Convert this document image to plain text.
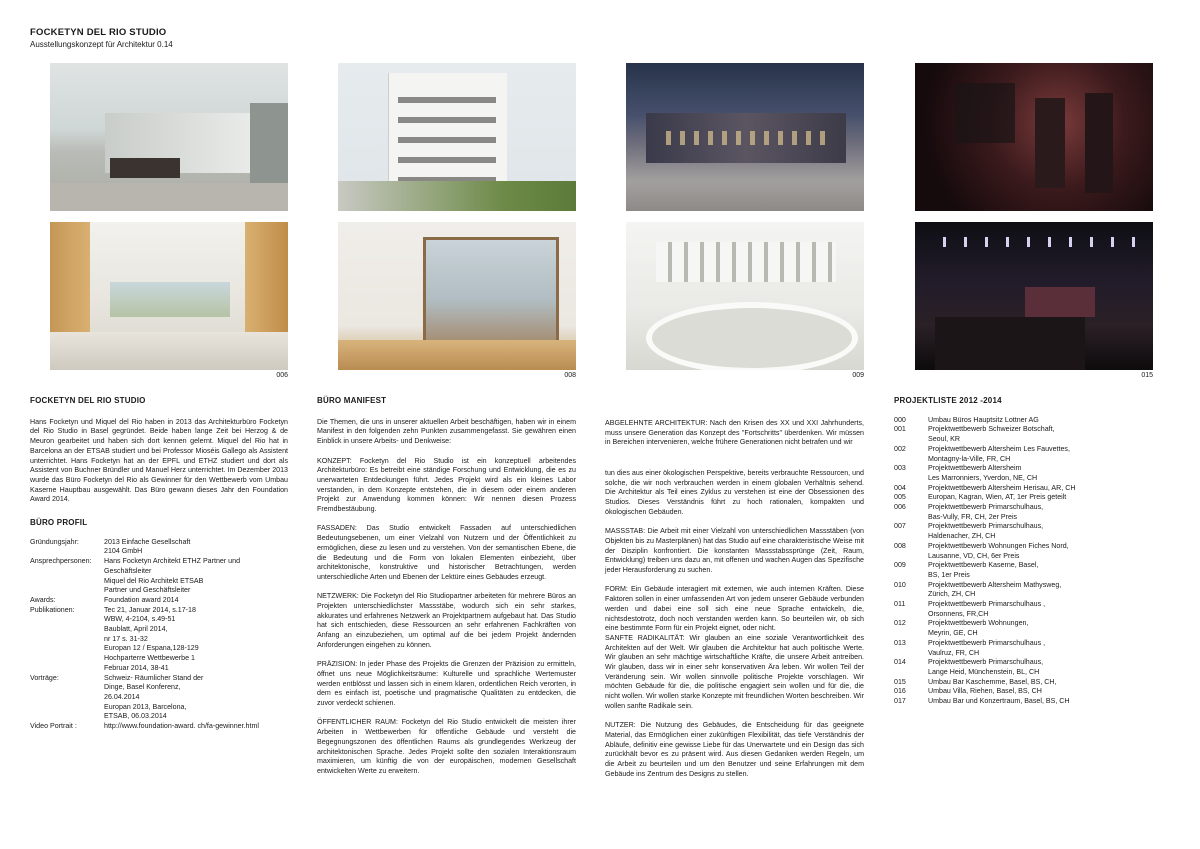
FOCKETYN DEL RIO STUDIO
Ausstellungskonzept für Architektur 0.14
006	008	009	015
FOCKETYN DEL RIO STUDIO
Hans Focketyn und Miquel del Rio haben in 2013 das Architekturbüro Focketyn del Rio Studio in Basel gegründet. Beide haben lange Zeit bei Herzog & de Meuron gearbeitet und haben sich dort kennen gelernt. Miquel del Rio hat in Barcelona an der ETSAB studiert und bei Professor Mioséis Gallego als Assistent unterrichtet. Hans Focketyn hat an der EPFL und ETHZ studiert und dort als Assistent von Buchner Bründler und Manuel Herz unterrichtet. Im Dezember 2013 wurde das Büro Focketyn del Rio als Gewinner für den Wettbewerb vom Umbau Kaserne Hauptbau ausgewählt. Das Büro gewann dieses Jahr den Foundation Award 2014.
BÜRO PROFIL
Gründungsjahr:	2013 Einfache Gesellschaft
2104 GmbH
Ansprechpersonen:	Hans Focketyn Architekt ETHZ Partner und
Geschäftsleiter
Miquel del Rio Architekt ETSAB
Partner und Geschäftsleiter
Awards:	Foundation award 2014
Publikationen:	Tec 21, Januar 2014, s.17-18
WBW, 4-2104, s.49-51
Baublatt, April 2014,
nr 17 s. 31-32
Europan 12 / Espana,128-129
Hochparterre Wettbewerbe 1
Februar 2014, 38-41
Vorträge:	Schweiz- Räumlicher Stand der
Dinge, Basel Konferenz,
26.04.2014
Europan 2013, Barcelona,
ETSAB, 06.03.2014
Video Portrait :	http://www.foundation-award. ch/fa-gewinner.html
BÜRO MANIFEST
Die Themen, die uns in unserer aktuellen Arbeit beschäftigen, haben wir in einem Manifest in den folgenden zehn Punkten zusammengefasst. Sie gewähren einen Einblick in unsere Arbeits- und Denkweise:
KONZEPT: Focketyn del Rio Studio ist ein konzeptuell arbeitendes Architekturbüro: Es betreibt eine ständige Forschung und Entwicklung, die es zu unerwarteten Entdeckungen führt. Jedes Projekt wird als ein kleines Labor verstanden, in dem Konzepte entstehen, die in diesem oder einem anderen Projekt zur Anwendung kommen können: Wir nennen diesen Prozess Fremdbestäubung.
FASSADEN: Das Studio entwickelt Fassaden auf unterschiedlichen Bedeutungsebenen, um einer Vielzahl von Nutzern und der Öffentlichkeit zu ermöglichen, diese zu lesen und zu verstehen. Von der semantischen Ebene, die die Bedeutung und die Form von lokalen Elementen einbezieht, über architektonische, konstruktive und historischer Betrachtungen, werden unterschiedliche Arten und Ebenen der Lektüre eines Gebäudes erzeugt.
NETZWERK: Die Focketyn del Rio Studiopartner arbeiteten für mehrere Büros an Projekten unterschiedlichster Massstäbe, wodurch sich ein sehr starkes, akkurates und erfahrenes Netzwerk an Projektpartnern aufgebaut hat. Das Studio hat sich entschieden, diese Ressourcen an sehr erfahrenen Fachkräften von Anfang an einzubeziehen, um optimal auf die bei jedem Projekt ändernden Anforderungen eingehen zu können.
PRÄZISION: In jeder Phase des Projekts die Grenzen der Präzision zu ermitteln, öffnet uns neue Möglichkeitsräume: Kulturelle und sprachliche Wertemuster werden entblösst und lassen sich in einem klaren, ordentlichen Reich verorten, in dem es einfach ist, poetische und pragmatische Qualitäten zu entdecken, die zuvor verdeckt schienen.
ÖFFENTLICHER RAUM: Focketyn del Rio Studio entwickelt die meisten ihrer Arbeiten in Wettbewerben für öffentliche Gebäude und versteht die Begegnungszonen des öffentlichen Raums als grundlegendes Werkzeug der architektonischen Sprache. Jedes Projekt sollte den sozialen Interaktionsraum maximieren, um künftig die von der europäischen, modernen Gesellschaft entwickelten Werte zu erweitern.
ABGELEHNTE ARCHITEKTUR: Nach den Krisen des XX und XXI Jahrhunderts, muss unsere Generation das Konzept des "Fortschritts" überdenken. Wir müssen in Bereichen intervenieren, welche frühere Generationen nicht betrafen und wir
tun dies aus einer ökologischen Perspektive, bereits verbrauchte Ressourcen, und solche, die wir noch verbrauchen werden in einem globalen Verhältnis sehend. Die Architektur als Teil eines Zyklus zu verstehen ist eine der Obsessionen des Studios. Dieses Verständnis führt zu hoch rationalen, kompakten und ökologischen Gebäuden.
MASSSTAB: Die Arbeit mit einer Vielzahl von unterschiedlichen Massstäben (von Objekten bis zu Masterplänen) hat das Studio auf eine charakteristische Weise mit der Disziplin konfrontiert. Die konstanten Massstabssprünge (Zeit, Raum, Entwicklung) treiben uns dazu an, mit offenen und wachen Augen das Spezifische jeder Herausforderung zu suchen.
FORM: Ein Gebäude interagiert mit externen, wie auch internen Kräften. Diese Faktoren sollen in einer umfassenden Art von jedem unserer Gebäude verbunden werden und dabei eine soll sich eine neue Sprache entwickeln, die, nichtsdestotrotz, doch noch verstanden werden kann. So beurteilen wir, ob sich eine bestimmte Form für ein Projekt eignet, oder nicht.
SANFTE RADIKALITÄT: Wir glauben an eine soziale Verantwortlichkeit des Architekten auf der Welt. Wir glauben die Architektur hat auch politische Werte. Wir glauben an sehr mächtige wirtschaftliche Kräfte, die unsere Arbeit antreiben. Wir glauben, dass wir in einer sehr konservativen Ära leben. Wir wollen Teil der Veränderung sein. Wir wollen sinnvolle politische Projekte vorschlagen. Wir möchten Gebäude für die, die politische engagiert sein wollen und für die, die nicht wollen. Wir wollen starke Konzepte mit freundlichen Worten beschreiben. Wir wollen sanfte Radikale sein.
NUTZER: Die Nutzung des Gebäudes, die Entscheidung für das geeignete Material, das Ermöglichen einer zukünftigen Flexibilität, das tiefe Verständnis der Abläufe, definitiv eine gewisse Liebe für das Unerwartete und ein Design das sich zurückhält bevor es zu präsent wird. Aus diesen Gedanken werden Regeln, um die Arbeit zu beurteilen und um den Benutzer und seine Erfahrungen mit dem Gebäude ins Zentrum des Designs zu stellen.
PROJEKTLISTE 2012 -2014
000	Umbau Büros Hauptsitz Lottner AG
001	Projektwettbewerb Schweizer Botschaft,
Seoul, KR
002	Projektwettbewerb Altersheim Les Fauvettes,
Montagny-la-Ville, FR, CH
003	Projektwettbewerb Altersheim
Les Marronniers, Yverdon, NE, CH
004	Projektwettbewerb Altersheim Herisau, AR, CH
005	Europan, Kagran, Wien, AT, 1er Preis geteilt
006	Projektwettbewerb Primarschulhaus,
Bas-Vully, FR, CH, 2er Preis
007	Projektwettbewerb Primarschulhaus,
Haldenacher, ZH, CH
008	Projektwettbewerb Wohnungen Fiches Nord,
Lausanne, VD, CH, 6er Preis
009	Projektwettbewerb Kaserne, Basel,
BS, 1er Preis
010	Projektwettbewerb Altersheim Mathysweg,
Zürich, ZH, CH
011	Projektwettbewerb Primarschulhaus ,
Orsonnens, FR,CH
012	Projektwettbewerb Wohnungen,
Meyrin, GE, CH
013	Projektwettbewerb Primarschulhaus ,
Vaulruz, FR, CH
014	Projektwettbewerb Primarschulhaus,
Lange Heid, Münchenstein, BL, CH
015	Umbau Bar Kaschemme, Basel, BS, CH,
016	Umbau Villa, Riehen, Basel, BS, CH
017	Umbau Bar und Konzertraum, Basel, BS, CH
